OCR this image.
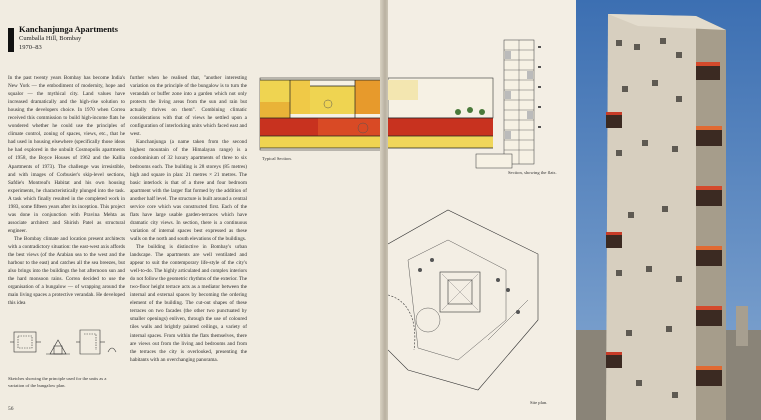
Kanchanjunga Apartments
Cumballa Hill, Bombay
1970–83

In the past twenty years Bombay has become India's New York — the embodiment of modernity, hope and squalor — the mythical city. Land values have increased dramatically and the high-rise solution to housing the developers choice. In 1970 when Correa received this commission to build high-income flats he wondered whether he could use the principles of climate control, zoning of spaces, views, etc., that he had used in housing elsewhere (specifically those ideas he had explored in the unbuilt Cosmopolis apartments of 1958, the Boyce Houses of 1962 and the Kallia Apartments of 1973). The challenge was irresistible, and with images of Corbusier's skip-level sections, Safdie's Montreal's Habitat and his own housing experiments, he characteristically plunged into the task. A task which finally resulted in the completed work in 1983, some fifteen years after its inception. This project was done in conjunction with Pravina Mehta as associate architect and Shirish Patel as structural engineer.

The Bombay climate and location present architects with a contradictory situation: the east-west axis affords the best views (of the Arabian sea to the west and the harbour to the east) and catches all the sea breezes, but also brings into the buildings the hot afternoon sun and the hard monsoon rains. Correa decided to use the organisation of a bungalow — of wrapping around the main living spaces a protective verandah. He developed this idea

Sketches showing the principle used for the units as a variation of the bungalow plan.

further when he realised that, "another interesting variation on the principle of the bungalow is to turn the verandah or buffer zone into a garden which not only protects the living areas from the sun and rain but actually thrives on them". Combining climatic considerations with that of views he settled upon a configuration of interlocking units which faced east and west.

Kanchanjunga (a name taken from the second highest mountain of the Himalayan range) is a condominium of 32 luxury apartments of three to six bedrooms each. The building is 28 storeys (85 metres) high and square in plan: 21 metres × 21 metres. The basic interlock is that of a three and four bedroom apartment with the larger flat formed by the addition of another half level. The structure is built around a central service core which was constructed first. Each of the flats have large usable garden-terraces which have dramatic city views. In section, there is a continuous variation of internal spaces best expressed as these walls on the north and south elevations of the buildings.

The building is distinctive in Bombay's urban landscape. The apartments are well ventilated and appear to suit the contemporary life-style of the city's well-to-do. The highly articulated and complex interiors do not follow the geometric rhythms of the exterior. The two-floor height terrace acts as a mediator between the internal and external spaces by becoming the ordering element of the building. The cut-out shapes of these terraces on two facades (the other two punctuated by smaller openings) enliven, through the use of coloured tiles walls and brightly painted ceilings, a variety of internal spaces. From within the flats themselves, there are views out from the living and bedrooms and from the terraces the city is overlooked, presenting the habitants with an overchanging panorama.

56
Typical Section.
Section, showing the flats.
Site plan.
